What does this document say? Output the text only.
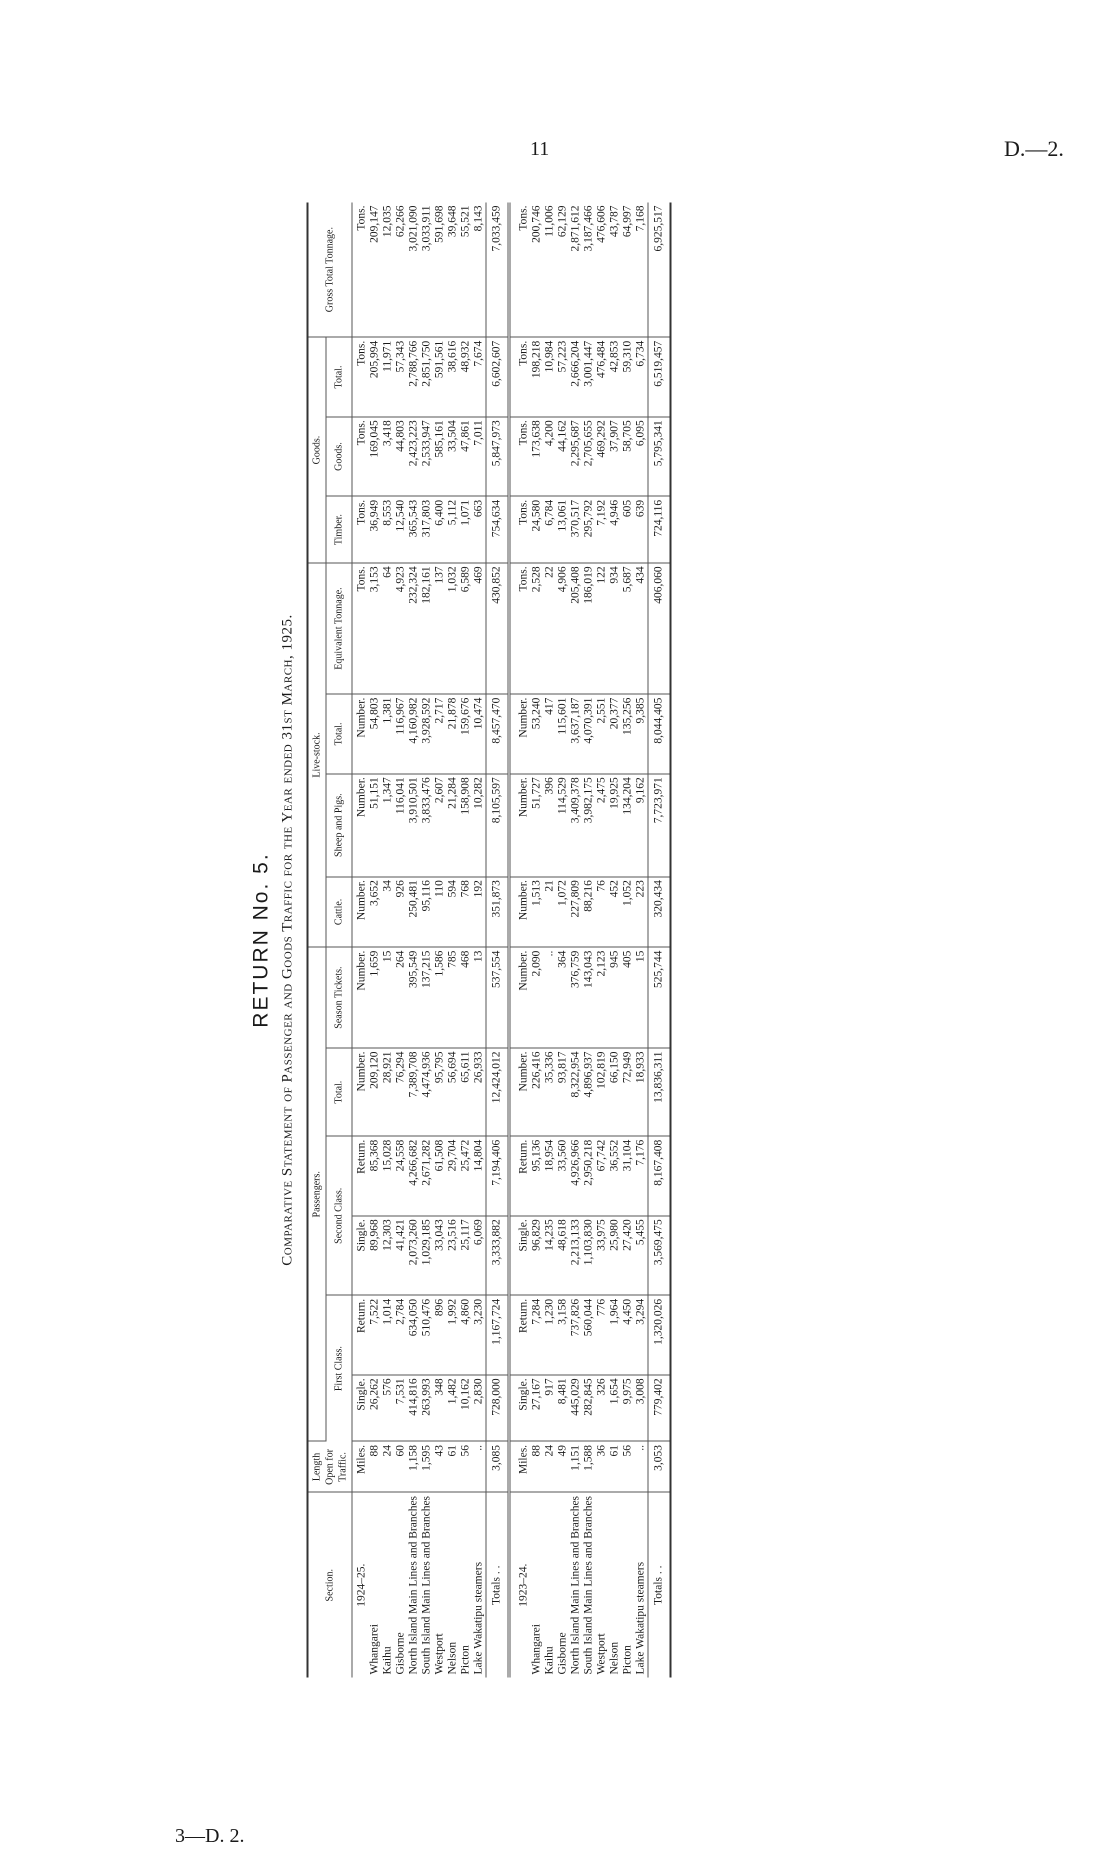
11	D.—2.
3—D. 2.
RETURN No. 5. Comparative Statement of Passenger and Goods Traffic for the Year ended 31st March, 1925.
Section.	Length Open for Traffic.	Passengers.						Live-stock.				Goods.			Gross Total Tonnage.
		First Class.		Second Class.		Total.	Season Tickets.	Cattle.	Sheep and Pigs.	Total.	Equivalent Tonnage.	Timber.	Goods.	Total.	

1924–25.	Miles.	Single.	Return.	Single.	Return.	Number.	Number.	Number.	Number.	Number.	Tons.	Tons.	Tons.	Tons.	Tons.
Whangarei	88	26,262	7,522	89,968	85,368	209,120	1,659	3,652	51,151	54,803	3,153	36,949	169,045	205,994	209,147
Kaihu	24	576	1,014	12,303	15,028	28,921	15	34	1,347	1,381	64	8,553	3,418	11,971	12,035
Gisborne	60	7,531	2,784	41,421	24,558	76,294	264	926	116,041	116,967	4,923	12,540	44,803	57,343	62,266
North Island Main Lines and Branches	1,158	414,816	634,050	2,073,260	4,266,682	7,389,708	395,549	250,481	3,910,501	4,160,982	232,324	365,543	2,423,223	2,788,766	3,021,090
South Island Main Lines and Branches	1,595	263,993	510,476	1,029,185	2,671,282	4,474,936	137,215	95,116	3,833,476	3,928,592	182,161	317,803	2,533,947	2,851,750	3,033,911
Westport	43	348	896	33,043	61,508	95,795	1,586	110	2,607	2,717	137	6,400	585,161	591,561	591,698
Nelson	61	1,482	1,992	23,516	29,704	56,694	785	594	21,284	21,878	1,032	5,112	33,504	38,616	39,648
Picton	56	10,162	4,860	25,117	25,472	65,611	468	768	158,908	159,676	6,589	1,071	47,861	48,932	55,521
Lake Wakatipu steamers	..	2,830	3,230	6,069	14,804	26,933	13	192	10,282	10,474	469	663	7,011	7,674	8,143
Totals . .	3,085	728,000	1,167,724	3,333,882	7,194,406	12,424,012	537,554	351,873	8,105,597	8,457,470	430,852	754,634	5,847,973	6,602,607	7,033,459

1923–24.	Miles.	Single.	Return.	Single.	Return.	Number.	Number.	Number.	Number.	Number.	Tons.	Tons.	Tons.	Tons.	Tons.
Whangarei	88	27,167	7,284	96,829	95,136	226,416	2,090	1,513	51,727	53,240	2,528	24,580	173,638	198,218	200,746
Kaihu	24	917	1,230	14,235	18,954	35,336	..	21	396	417	22	6,784	4,200	10,984	11,006
Gisborne	49	8,481	3,158	48,618	33,560	93,817	364	1,072	114,529	115,601	4,906	13,061	44,162	57,223	62,129
North Island Main Lines and Branches	1,151	445,029	737,826	2,213,133	4,926,966	8,322,954	376,759	227,809	3,409,378	3,637,187	205,408	370,517	2,295,687	2,666,204	2,871,612
South Island Main Lines and Branches	1,588	282,845	560,044	1,103,830	2,950,218	4,896,937	143,043	88,216	3,982,175	4,070,391	186,019	295,792	2,705,655	3,001,447	3,187,466
Westport	36	326	776	33,975	67,742	102,819	2,123	76	2,475	2,551	122	7,192	469,292	476,484	476,606
Nelson	61	1,654	1,964	25,980	36,552	66,150	945	452	19,925	20,377	934	4,946	37,907	42,853	43,787
Picton	56	9,975	4,450	27,420	31,104	72,949	405	1,052	134,204	135,256	5,687	605	58,705	59,310	64,997
Lake Wakatipu steamers	..	3,008	3,294	5,455	7,176	18,933	15	223	9,162	9,385	434	639	6,095	6,734	7,168
Totals . .	3,053	779,402	1,320,026	3,569,475	8,167,408	13,836,311	525,744	320,434	7,723,971	8,044,405	406,060	724,116	5,795,341	6,519,457	6,925,517
